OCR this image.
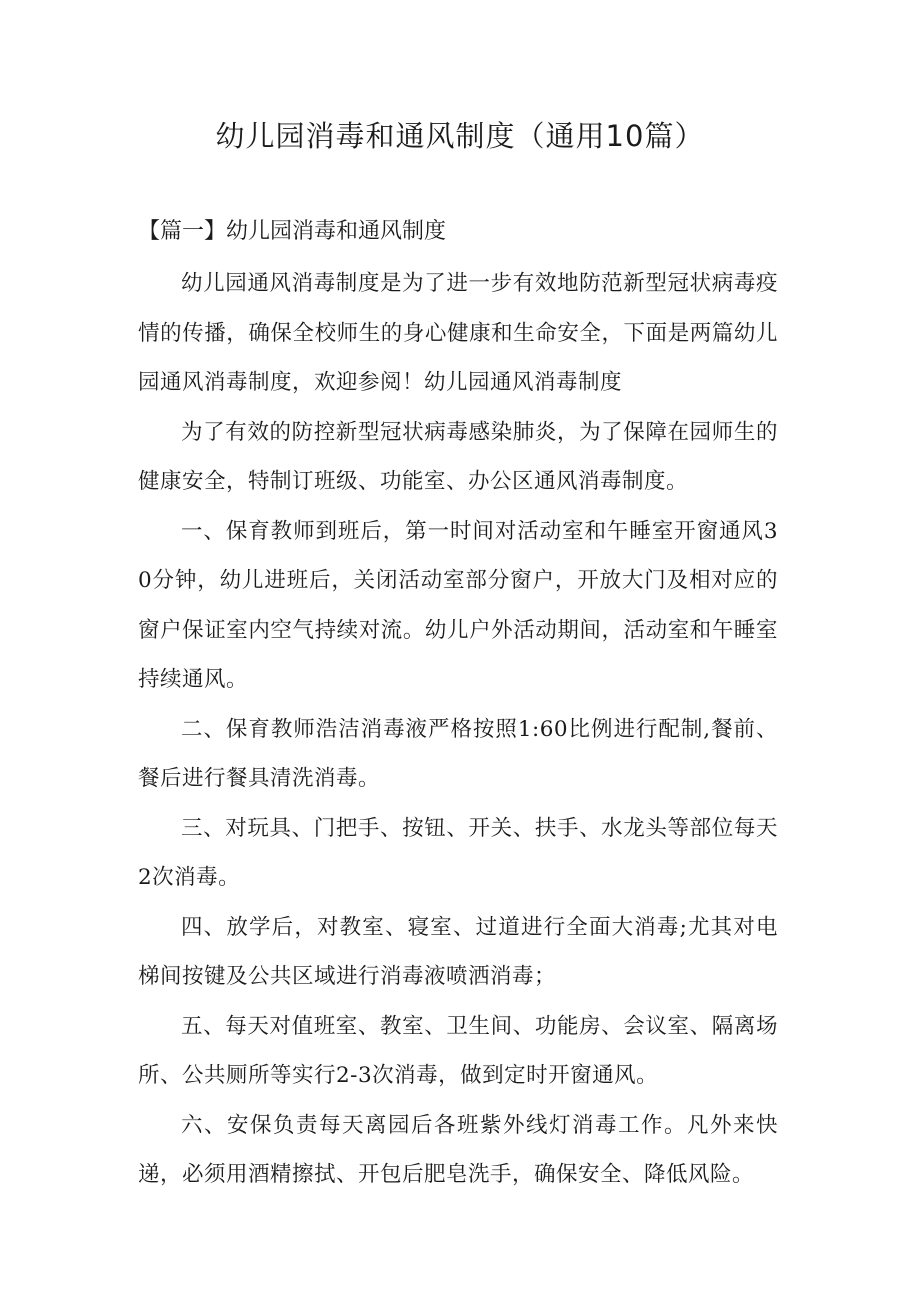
幼儿园消毒和通风制度（通用10篇）
【篇一】幼儿园消毒和通风制度

幼儿园通风消毒制度是为了进一步有效地防范新型冠状病毒疫情的传播，确保全校师生的身心健康和生命安全，下面是两篇幼儿园通风消毒制度，欢迎参阅！幼儿园通风消毒制度

为了有效的防控新型冠状病毒感染肺炎，为了保障在园师生的健康安全，特制订班级、功能室、办公区通风消毒制度。

一、保育教师到班后，第一时间对活动室和午睡室开窗通风30分钟，幼儿进班后，关闭活动室部分窗户，开放大门及相对应的窗户保证室内空气持续对流。幼儿户外活动期间，活动室和午睡室持续通风。

二、保育教师浩洁消毒液严格按照1:60比例进行配制,餐前、餐后进行餐具清洗消毒。

三、对玩具、门把手、按钮、开关、扶手、水龙头等部位每天2次消毒。

四、放学后，对教室、寝室、过道进行全面大消毒;尤其对电梯间按键及公共区域进行消毒液喷洒消毒；

五、每天对值班室、教室、卫生间、功能房、会议室、隔离场所、公共厕所等实行2-3次消毒，做到定时开窗通风。

六、安保负责每天离园后各班紫外线灯消毒工作。凡外来快递，必须用酒精擦拭、开包后肥皂洗手，确保安全、降低风险。
